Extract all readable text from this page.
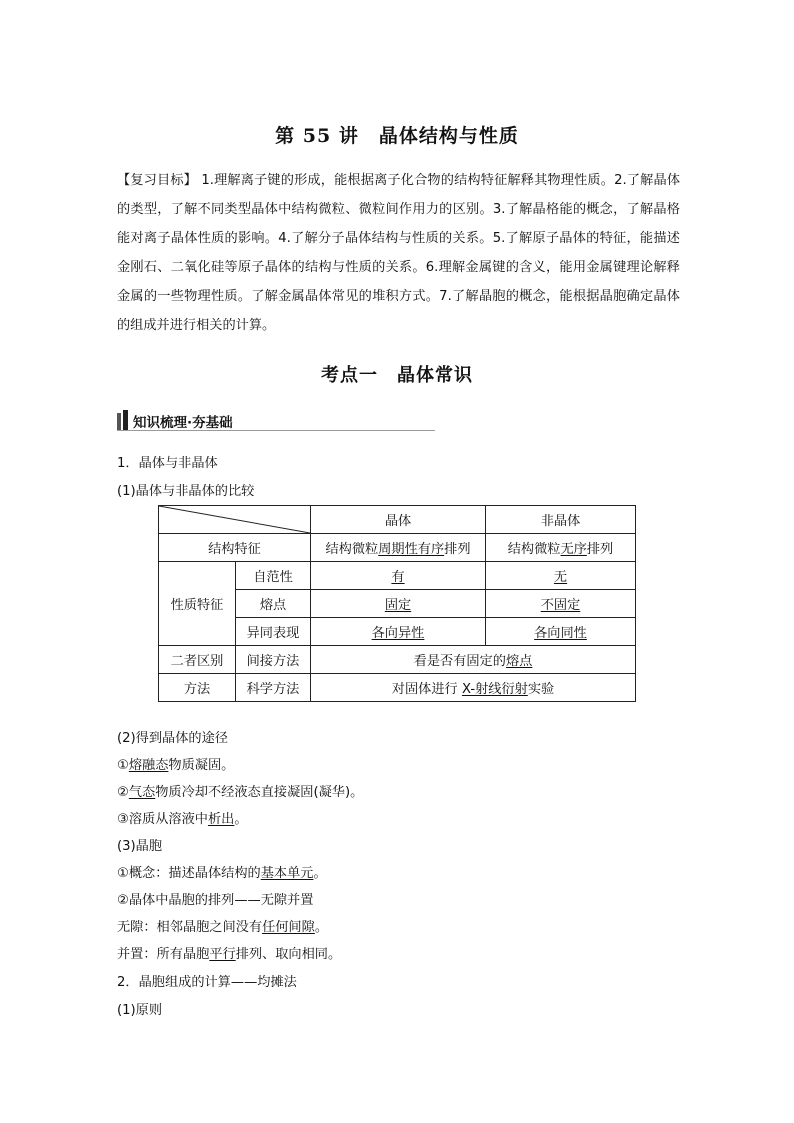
第 55 讲　晶体结构与性质
【复习目标】 1.理解离子键的形成，能根据离子化合物的结构特征解释其物理性质。2.了解晶体的类型，了解不同类型晶体中结构微粒、微粒间作用力的区别。3.了解晶格能的概念，了解晶格能对离子晶体性质的影响。4.了解分子晶体结构与性质的关系。5.了解原子晶体的特征，能描述金刚石、二氧化硅等原子晶体的结构与性质的关系。6.理解金属键的含义，能用金属键理论解释金属的一些物理性质。了解金属晶体常见的堆积方式。7.了解晶胞的概念，能根据晶胞确定晶体的组成并进行相关的计算。
考点一　晶体常识
知识梳理·夯基础
1．晶体与非晶体
(1)晶体与非晶体的比较
	晶体	非晶体
结构特征		结构微粒周期性有序排列	结构微粒无序排列
性质特征	自范性	有	无
	熔点	固定	不固定
	异同表现	各向异性	各向同性
二者区别	间接方法	看是否有固定的熔点	
方法	科学方法	对固体进行 X-射线衍射实验	
(2)得到晶体的途径
①熔融态物质凝固。
②气态物质冷却不经液态直接凝固(凝华)。
③溶质从溶液中析出。
(3)晶胞
①概念：描述晶体结构的基本单元。
②晶体中晶胞的排列——无隙并置
无隙：相邻晶胞之间没有任何间隙。
并置：所有晶胞平行排列、取向相同。
2．晶胞组成的计算——均摊法
(1)原则
